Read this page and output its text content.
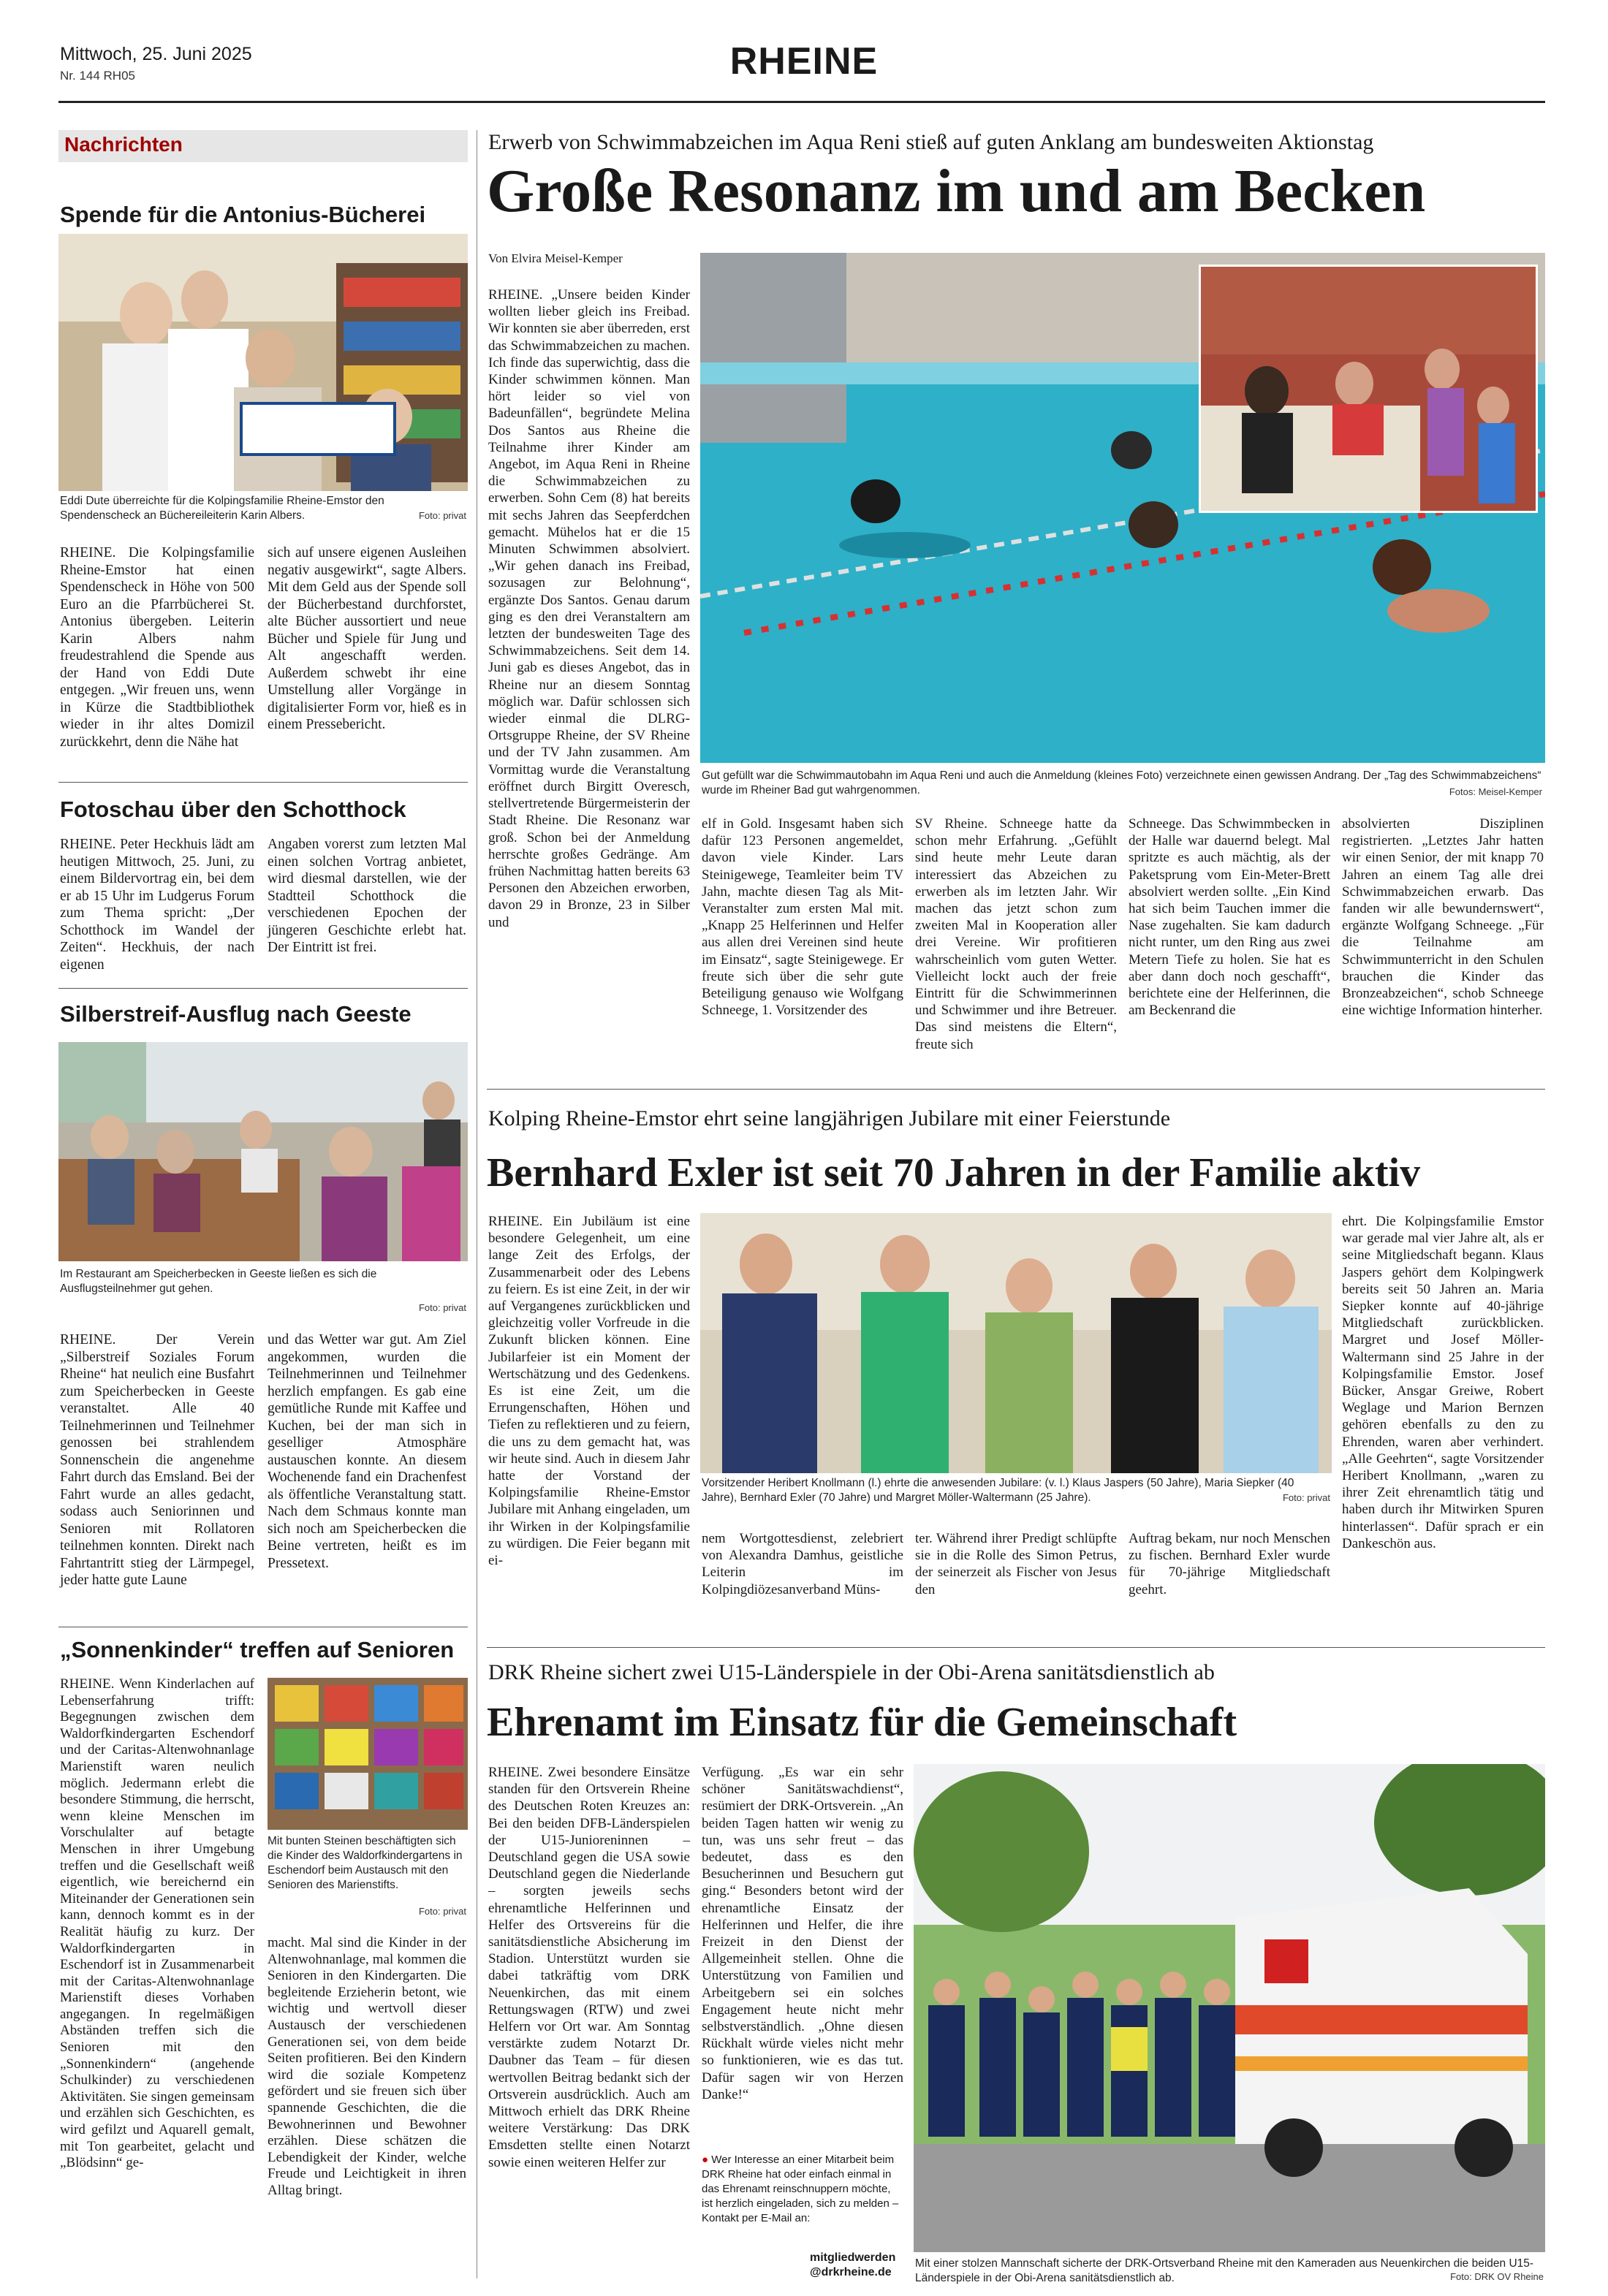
Mittwoch, 25. Juni 2025
Nr. 144 RH05	RHEINE
Nachrichten
Spende für die Antonius-Bücherei
Eddi Dute überreichte für die Kolpingsfamilie Rheine-Emstor den Spendenscheck an Büchereileiterin Karin Albers.	Foto: privat
RHEINE. Die Kolpingsfamilie Rheine-Emstor hat einen Spendenscheck in Höhe von 500 Euro an die Pfarrbücherei St. Antonius übergeben. Leiterin Karin Albers nahm freudestrahlend die Spende aus der Hand von Eddi Dute entgegen. „Wir freuen uns, wenn in Kürze die Stadtbibliothek wieder in ihr altes Domizil zurückkehrt, denn die Nähe hat
sich auf unsere eigenen Ausleihen negativ ausgewirkt“, sagte Albers. Mit dem Geld aus der Spende soll der Bücherbestand durchforstet, alte Bücher aussortiert und neue Bücher und Spiele für Jung und Alt angeschafft werden. Außerdem schwebt ihr eine Umstellung aller Vorgänge in digitalisierter Form vor, hieß es in einem Pressebericht.
Fotoschau über den Schotthock
RHEINE. Peter Heckhuis lädt am heutigen Mittwoch, 25. Juni, zu einem Bildervortrag ein, bei dem er ab 15 Uhr im Ludgerus Forum zum Thema spricht: „Der Schotthock im Wandel der Zeiten“. Heckhuis, der nach eigenen
Angaben vorerst zum letzten Mal einen solchen Vortrag anbietet, wird diesmal darstellen, wie der Stadtteil Schotthock die verschiedenen Epochen der jüngeren Geschichte erlebt hat. Der Eintritt ist frei.
Silberstreif-Ausflug nach Geeste
Im Restaurant am Speicherbecken in Geeste ließen es sich die Ausflugsteilnehmer gut gehen.
Foto: privat
RHEINE. Der Verein „Silberstreif Soziales Forum Rheine“ hat neulich eine Busfahrt zum Speicherbecken in Geeste veranstaltet. Alle 40 Teilnehmerinnen und Teilnehmer genossen bei strahlendem Sonnenschein die angenehme Fahrt durch das Emsland. Bei der Fahrt wurde an alles gedacht, sodass auch Seniorinnen und Senioren mit Rollatoren teilnehmen konnten. Direkt nach Fahrtantritt stieg der Lärmpegel, jeder hatte gute Laune
und das Wetter war gut. Am Ziel angekommen, wurden die Teilnehmerinnen und Teilnehmer herzlich empfangen. Es gab eine gemütliche Runde mit Kaffee und Kuchen, bei der man sich in geselliger Atmosphäre austauschen konnte. An diesem Wochenende fand ein Drachenfest als öffentliche Veranstaltung statt. Nach dem Schmaus konnte man sich noch am Speicherbecken die Beine vertreten, heißt es im Pressetext.
„Sonnenkinder“ treffen auf Senioren
RHEINE. Wenn Kinderlachen auf Lebenserfahrung trifft: Begegnungen zwischen dem Waldorfkindergarten Eschendorf und der Caritas-Altenwohnanlage Marienstift waren neulich möglich. Jedermann erlebt die besondere Stimmung, die herrscht, wenn kleine Menschen im Vorschulalter auf betagte Menschen in ihrer Umgebung treffen und die Gesellschaft weiß eigentlich, wie bereichernd ein Miteinander der Generationen sein kann, dennoch kommt es in der Realität häufig zu kurz. Der Waldorfkindergarten in Eschendorf ist in Zusammenarbeit mit der Caritas-Altenwohnanlage Marienstift dieses Vorhaben angegangen. In regelmäßigen Abständen treffen sich die Senioren mit den „Sonnenkindern“ (angehende Schulkinder) zu verschiedenen Aktivitäten. Sie singen gemeinsam und erzählen sich Geschichten, es wird gefilzt und Aquarell gemalt, mit Ton gearbeitet, gelacht und „Blödsinn“ ge-
Mit bunten Steinen beschäftigten sich die Kinder des Waldorfkindergartens in Eschendorf beim Austausch mit den Senioren des Marienstifts.
Foto: privat
macht. Mal sind die Kinder in der Altenwohnanlage, mal kommen die Senioren in den Kindergarten. Die begleitende Erzieherin betont, wie wichtig und wertvoll dieser Austausch der verschiedenen Generationen sei, von dem beide Seiten profitieren. Bei den Kindern wird die soziale Kompetenz gefördert und sie freuen sich über spannende Geschichten, die die Bewohnerinnen und Bewohner erzählen. Diese schätzen die Lebendigkeit der Kinder, welche Freude und Leichtigkeit in ihren Alltag bringt.
Erwerb von Schwimmabzeichen im Aqua Reni stieß auf guten Anklang am bundesweiten Aktionstag
Große Resonanz im und am Becken
Von Elvira Meisel-Kemper
RHEINE. „Unsere beiden Kinder wollten lieber gleich ins Freibad. Wir konnten sie aber überreden, erst das Schwimmabzeichen zu machen. Ich finde das superwichtig, dass die Kinder schwimmen können. Man hört leider so viel von Badeunfällen“, begründete Melina Dos Santos aus Rheine die Teilnahme ihrer Kinder am Angebot, im Aqua Reni in Rheine die Schwimmabzeichen zu erwerben. Sohn Cem (8) hat bereits mit sechs Jahren das Seepferdchen gemacht. Mühelos hat er die 15 Minuten Schwimmen absolviert. „Wir gehen danach ins Freibad, sozusagen zur Belohnung“, ergänzte Dos Santos. Genau darum ging es den drei Veranstaltern am letzten der bundesweiten Tage des Schwimmabzeichens. Seit dem 14. Juni gab es dieses Angebot, das in Rheine nur an diesem Sonntag möglich war. Dafür schlossen sich wieder einmal die DLRG-Ortsgruppe Rheine, der SV Rheine und der TV Jahn zusammen. Am Vormittag wurde die Veranstaltung eröffnet durch Birgitt Overesch, stellvertretende Bürgermeisterin der Stadt Rheine. Die Resonanz war groß. Schon bei der Anmeldung herrschte großes Gedränge. Am frühen Nachmittag hatten bereits 63 Personen den Abzeichen erworben, davon 29 in Bronze, 23 in Silber und
Gut gefüllt war die Schwimmautobahn im Aqua Reni und auch die Anmeldung (kleines Foto) verzeichnete einen gewissen Andrang. Der „Tag des Schwimmabzeichens“ wurde im Rheiner Bad gut wahrgenommen.	Fotos: Meisel-Kemper
elf in Gold. Insgesamt haben sich dafür 123 Personen angemeldet, davon viele Kinder. Lars Steinigewege, Teamleiter beim TV Jahn, machte diesen Tag als Mit-Veranstalter zum ersten Mal mit. „Knapp 25 Helferinnen und Helfer aus allen drei Vereinen sind heute im Einsatz“, sagte Steinigewege. Er freute sich über die sehr gute Beteiligung genauso wie Wolfgang Schneege, 1. Vorsitzender des
SV Rheine. Schneege hatte da schon mehr Erfahrung. „Gefühlt sind heute mehr Leute daran interessiert das Abzeichen zu erwerben als im letzten Jahr. Wir machen das jetzt schon zum zweiten Mal in Kooperation aller drei Vereine. Wir profitieren wahrscheinlich vom guten Wetter. Vielleicht lockt auch der freie Eintritt für die Schwimmerinnen und Schwimmer und ihre Betreuer. Das sind meistens die Eltern“, freute sich
Schneege. Das Schwimmbecken in der Halle war dauernd belegt. Mal spritzte es auch mächtig, als der Paketsprung vom Ein-Meter-Brett absolviert werden sollte. „Ein Kind hat sich beim Tauchen immer die Nase zugehalten. Sie kam dadurch nicht runter, um den Ring aus zwei Metern Tiefe zu holen. Sie hat es aber dann doch noch geschafft“, berichtete eine der Helferinnen, die am Beckenrand die
absolvierten Disziplinen registrierten. „Letztes Jahr hatten wir einen Senior, der mit knapp 70 Jahren an einem Tag alle drei Schwimmabzeichen erwarb. Das fanden wir alle bewundernswert“, ergänzte Wolfgang Schneege. „Für die Teilnahme am Schwimmunterricht in den Schulen brauchen die Kinder das Bronzeabzeichen“, schob Schneege eine wichtige Information hinterher.
Kolping Rheine-Emstor ehrt seine langjährigen Jubilare mit einer Feierstunde
Bernhard Exler ist seit 70 Jahren in der Familie aktiv
RHEINE. Ein Jubiläum ist eine besondere Gelegenheit, um eine lange Zeit des Erfolgs, der Zusammenarbeit oder des Lebens zu feiern. Es ist eine Zeit, in der wir auf Vergangenes zurückblicken und gleichzeitig voller Vorfreude in die Zukunft blicken können. Eine Jubilarfeier ist ein Moment der Wertschätzung und des Gedenkens. Es ist eine Zeit, um die Errungenschaften, Höhen und Tiefen zu reflektieren und zu feiern, die uns zu dem gemacht hat, was wir heute sind. Auch in diesem Jahr hatte der Vorstand der Kolpingsfamilie Rheine-Emstor Jubilare mit Anhang eingeladen, um ihr Wirken in der Kolpingsfamilie zu würdigen. Die Feier begann mit ei-
Vorsitzender Heribert Knollmann (l.) ehrte die anwesenden Jubilare: (v. l.) Klaus Jaspers (50 Jahre), Maria Siepker (40 Jahre), Bernhard Exler (70 Jahre) und Margret Möller-Waltermann (25 Jahre).	Foto: privat
nem Wortgottesdienst, zelebriert von Alexandra Damhus, geistliche Leiterin im Kolpingdiözesanverband Müns-
ter. Während ihrer Predigt schlüpfte sie in die Rolle des Simon Petrus, der seinerzeit als Fischer von Jesus den
Auftrag bekam, nur noch Menschen zu fischen. Bernhard Exler wurde für 70-jährige Mitgliedschaft geehrt.
ehrt. Die Kolpingsfamilie Emstor war gerade mal vier Jahre alt, als er seine Mitgliedschaft begann. Klaus Jaspers gehört dem Kolpingwerk bereits seit 50 Jahren an. Maria Siepker konnte auf 40-jährige Mitgliedschaft zurückblicken. Margret und Josef Möller-Waltermann sind 25 Jahre in der Kolpingsfamilie Emstor. Josef Bücker, Ansgar Greiwe, Robert Weglage und Marion Bernzen gehören ebenfalls zu den zu Ehrenden, waren aber verhindert. „Alle Geehrten“, sagte Vorsitzender Heribert Knollmann, „waren zu ihrer Zeit ehrenamtlich tätig und haben durch ihr Mitwirken Spuren hinterlassen“. Dafür sprach er ein Dankeschön aus.
DRK Rheine sichert zwei U15-Länderspiele in der Obi-Arena sanitätsdienstlich ab
Ehrenamt im Einsatz für die Gemeinschaft
RHEINE. Zwei besondere Einsätze standen für den Ortsverein Rheine des Deutschen Roten Kreuzes an: Bei den beiden DFB-Länderspielen der U15-Junioreninnen – Deutschland gegen die USA sowie Deutschland gegen die Niederlande – sorgten jeweils sechs ehrenamtliche Helferinnen und Helfer des Ortsvereins für die sanitätsdienstliche Absicherung im Stadion. Unterstützt wurden sie dabei tatkräftig vom DRK Neuenkirchen, das mit einem Rettungswagen (RTW) und zwei Helfern vor Ort war. Am Sonntag verstärkte zudem Notarzt Dr. Daubner das Team – für diesen wertvollen Beitrag bedankt sich der Ortsverein ausdrücklich. Auch am Mittwoch erhielt das DRK Rheine weitere Verstärkung: Das DRK Emsdetten stellte einen Notarzt sowie einen weiteren Helfer zur
Verfügung. „Es war ein sehr schöner Sanitätswachdienst“, resümiert der DRK-Ortsverein. „An beiden Tagen hatten wir wenig zu tun, was uns sehr freut – das bedeutet, dass es den Besucherinnen und Besuchern gut ging.“ Besonders betont wird der ehrenamtliche Einsatz der Helferinnen und Helfer, die ihre Freizeit in den Dienst der Allgemeinheit stellen. Ohne die Unterstützung von Familien und Arbeitgebern sei ein solches Engagement heute nicht mehr selbstverständlich. „Ohne diesen Rückhalt würde vieles nicht mehr so funktionieren, wie es das tut. Dafür sagen wir von Herzen Danke!“
● Wer Interesse an einer Mitarbeit beim DRK Rheine hat oder einfach einmal in das Ehrenamt reinschnuppern möchte, ist herzlich eingeladen, sich zu melden – Kontakt per E-Mail an:
mitgliedwerden@drkrheine.de
Mit einer stolzen Mannschaft sicherte der DRK-Ortsverband Rheine mit den Kameraden aus Neuenkirchen die beiden U15-Länderspiele in der Obi-Arena sanitätsdienstlich ab.	Foto: DRK OV Rheine
